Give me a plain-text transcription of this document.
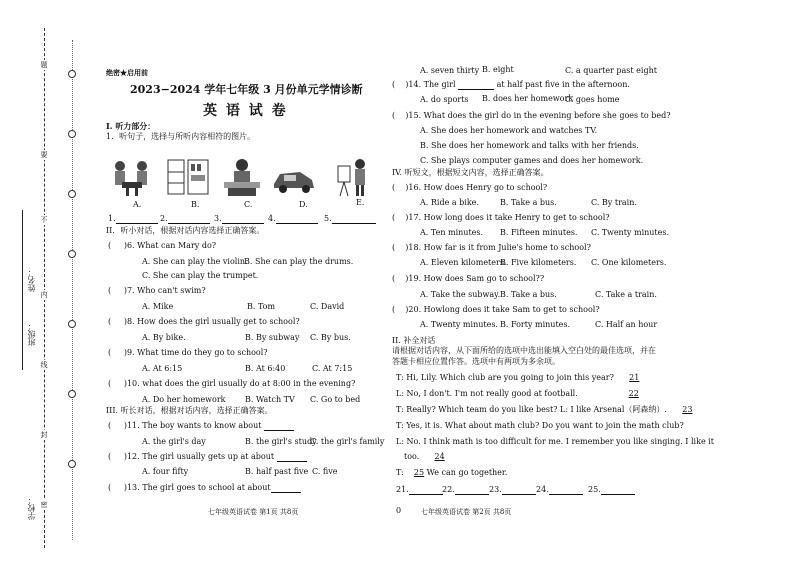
题
要
不
内
线
封
密
姓名：
班级：
学校：
绝密★启用前
2023−2024 学年七年级 3 月份单元学情诊断
英 语 试 卷
I. 听力部分：
1．听句子，选择与所听内容相符的图片。
A.	B.	C.	D.	E.
1.	2.	3.	4.	5.
II．听小对话，根据对话内容选择正确答案。
(     )6. What can Mary do?
A. She can play the violin.
B. She can play the drums.
C. She can play the trumpet.
(     )7. Who can't swim?
A. Mike	B. Tom	C. David
(     )8. How does the girl usually get to school?
A. By bike.	B. By subway C. By bus.
(     )9. What time do they go to school?
A. At 6:15	B. At 6:40	C. At 7:15
(     )10. what does the girl usually do at 8:00 in the evening?
A. Do her homework B. Watch TV C. Go to bed
III. 听长对话，根据对话内容，选择正确答案。
(     )11. The boy wants to know about
A. the girl's day	B. the girl's study
C. the girl's family
(     )12. The girl usually gets up at about
A. four fifty	B. half past five C. five
(     )13. The girl goes to school at about
七年级英语试卷 第1页 共8页	0
A. seven thirty B. eight	C. a quarter past eight
(    )14. The girl	at half past five in the afternoon.
A. do sports B. does her homework
C. goes home
(    )15. What does the girl do in the evening before she goes to bed?
A. She does her homework and watches TV.
B. She does her homework and talks with her friends.
C. She plays computer games and does her homework.
IV. 听短文，根据短文内容，选择正确答案。
(    )16. How does Henry go to school?
A. Ride a bike.	B. Take a bus.	C. By train.
(    )17. How long does it take Henry to get to school?
A. Ten minutes. B. Fifteen minutes. C. Twenty minutes.
(    )18. How far is it from Julie's home to school?
A. Eleven kilometers.
B. Five kilometers. C. One kilometers.
(    )19. How does Sam go to school??
A. Take the subway. B. Take a bus.	C. Take a train.
(    )20. Howlong does it take Sam to get to school?
A. Twenty minutes. B. Forty minutes.	C. Half an hour
II. 补全对话
请根据对话内容，从下面所给的选项中选出能填入空白处的最佳选项，并在
答题卡相应位置作答。选项中有两项为多余项。
T: Hi, Lily. Which club are you going to join this year? 21
L: No, I don't. I'm not really good at football.	22
T: Really? Which team do you like best? L: I like Arsenal（阿森纳）. 23
T: Yes, it is. What about math club? Do you want to join the math club?
L: No. I think math is too difficult for me. I remember you like singing. I like it
too. 24
T: 25 We can go together.
21.	22.	23.	24.	25.
七年级英语试卷 第2页 共8页
